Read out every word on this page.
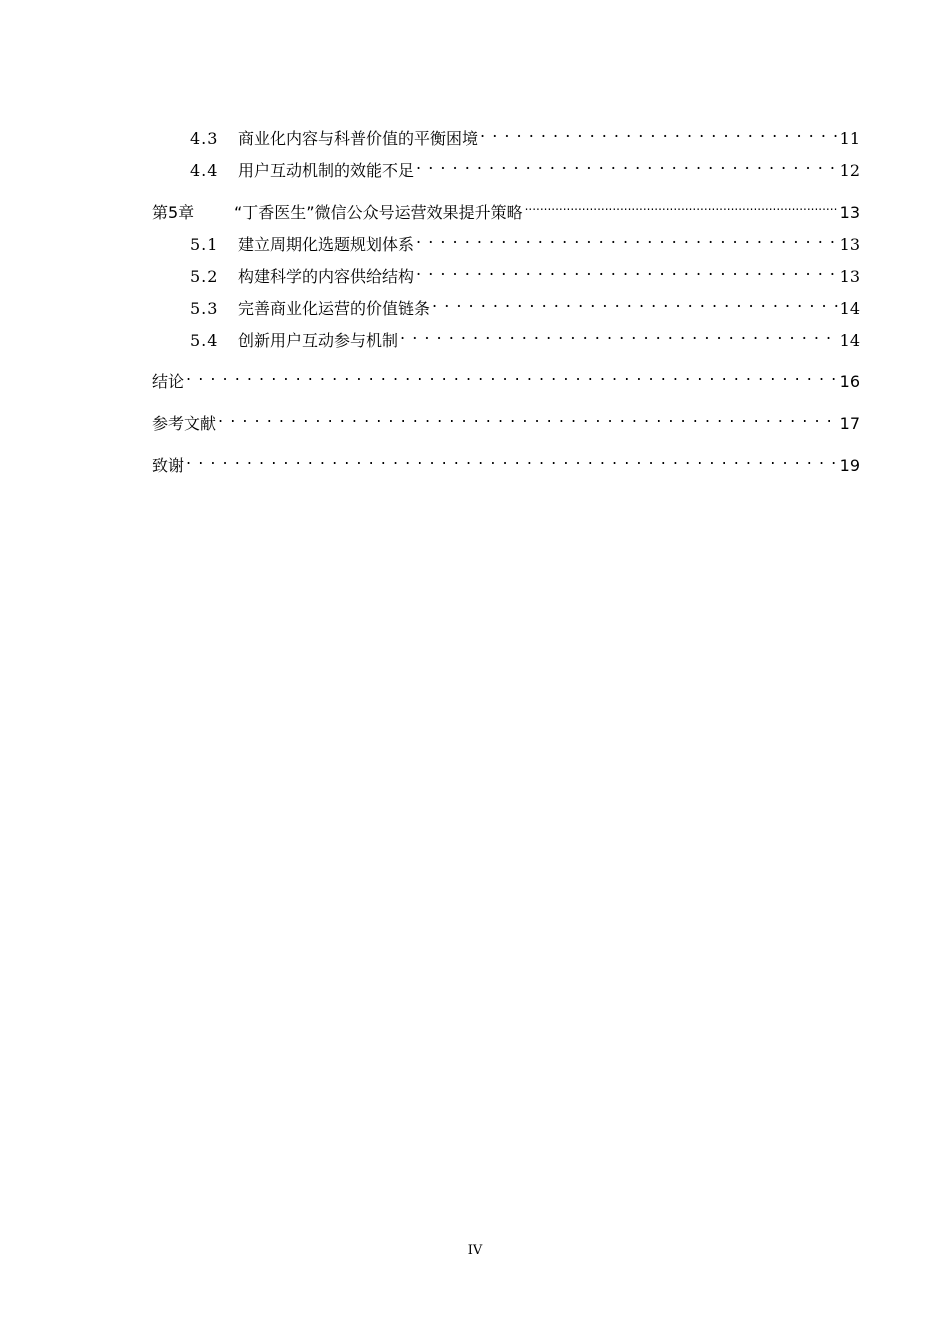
4.3	商业化内容与科普价值的平衡困境 . . .	11
4.4	用户互动机制的效能不足 . . .	12
第5章	“丁香医生”微信公众号运营效果提升策略 .....	13
5.1	建立周期化选题规划体系 . . .	13
5.2	构建科学的内容供给结构 . . .	13
5.3	完善商业化运营的价值链条 . . .	14
5.4	创新用户互动参与机制 . . .	14
结论 . . .	16
参考文献 . . .	17
致谢 . . .	19
IV
